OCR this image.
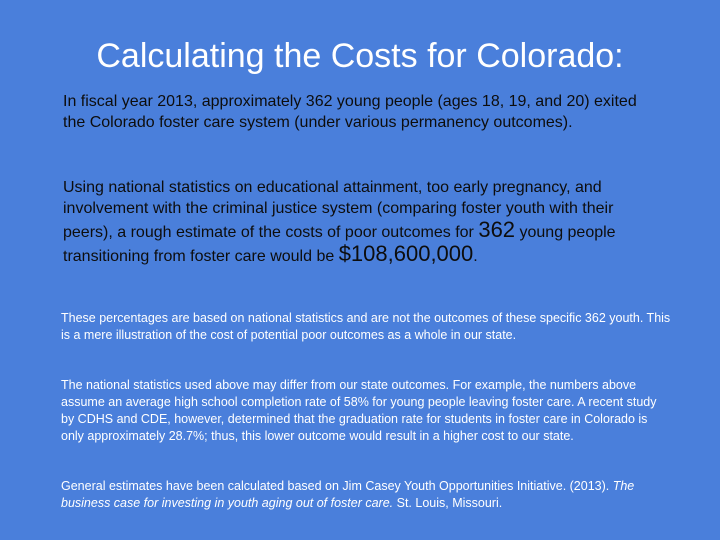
Calculating the Costs for Colorado:
In fiscal year 2013, approximately 362 young people (ages 18, 19, and 20) exited the Colorado foster care system (under various permanency outcomes).
Using national statistics on educational attainment, too early pregnancy, and involvement with the criminal justice system (comparing foster youth with their peers), a rough estimate of the costs of poor outcomes for 362 young people transitioning from foster care would be $108,600,000.
These percentages are based on national statistics and are not the outcomes of these specific 362 youth. This is a mere illustration of the cost of potential poor outcomes as a whole in our state.
The national statistics used above may differ from our state outcomes. For example, the numbers above assume an average high school completion rate of 58% for young people leaving foster care. A recent study by CDHS and CDE, however, determined that the graduation rate for students in foster care in Colorado is only approximately 28.7%; thus, this lower outcome would result in a higher cost to our state.
General estimates have been calculated based on Jim Casey Youth Opportunities Initiative. (2013). The business case for investing in youth aging out of foster care. St. Louis, Missouri.
